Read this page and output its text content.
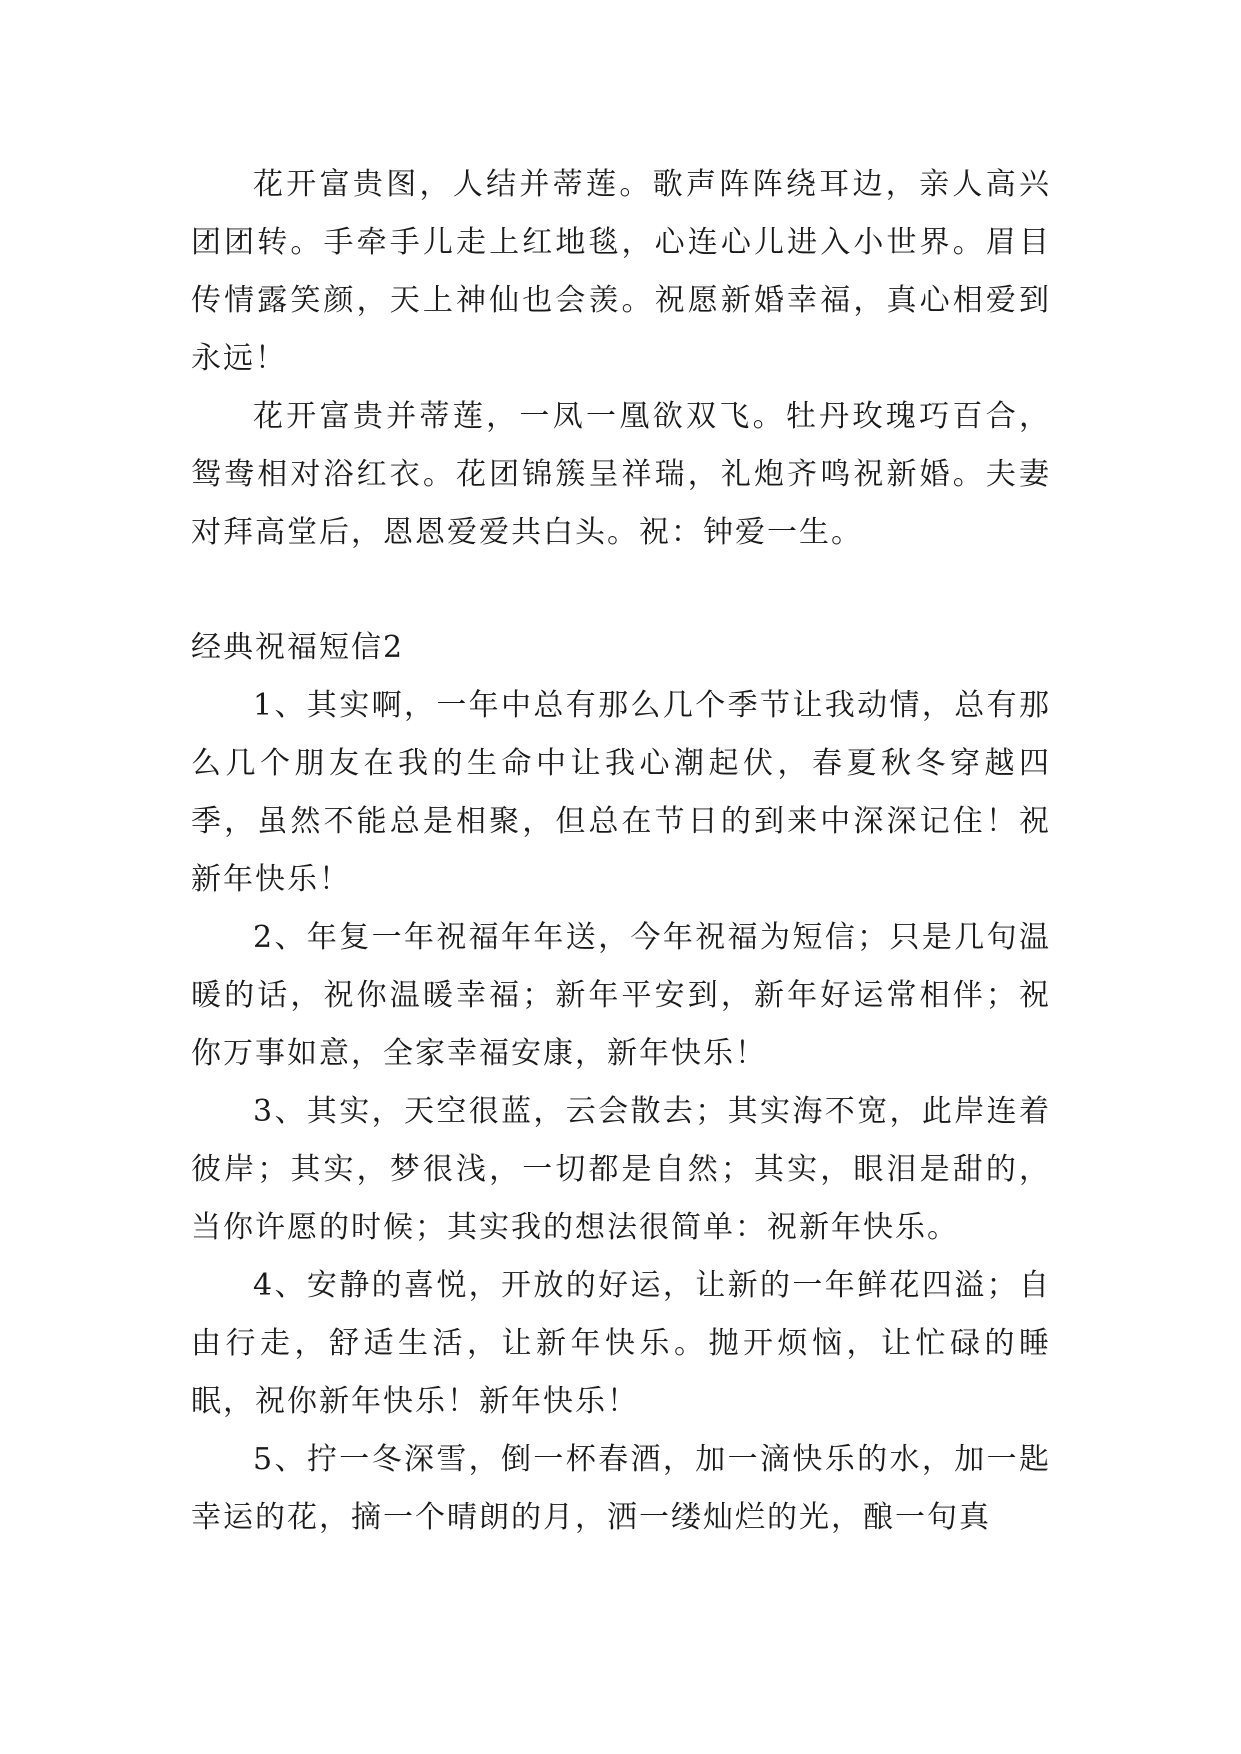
花开富贵图，人结并蒂莲。歌声阵阵绕耳边，亲人高兴团团转。手牵手儿走上红地毯，心连心儿进入小世界。眉目传情露笑颜，天上神仙也会羡。祝愿新婚幸福，真心相爱到永远！

花开富贵并蒂莲，一凤一凰欲双飞。牡丹玫瑰巧百合，鸳鸯相对浴红衣。花团锦簇呈祥瑞，礼炮齐鸣祝新婚。夫妻对拜高堂后，恩恩爱爱共白头。祝：钟爱一生。

经典祝福短信2

1、其实啊，一年中总有那么几个季节让我动情，总有那么几个朋友在我的生命中让我心潮起伏，春夏秋冬穿越四季，虽然不能总是相聚，但总在节日的到来中深深记住！祝新年快乐！

2、年复一年祝福年年送，今年祝福为短信；只是几句温暖的话，祝你温暖幸福；新年平安到，新年好运常相伴；祝你万事如意，全家幸福安康，新年快乐！

3、其实，天空很蓝，云会散去；其实海不宽，此岸连着彼岸；其实，梦很浅，一切都是自然；其实，眼泪是甜的，当你许愿的时候；其实我的想法很简单：祝新年快乐。

4、安静的喜悦，开放的好运，让新的一年鲜花四溢；自由行走，舒适生活，让新年快乐。抛开烦恼，让忙碌的睡眠，祝你新年快乐！新年快乐！

5、拧一冬深雪，倒一杯春酒，加一滴快乐的水，加一匙幸运的花，摘一个晴朗的月，洒一缕灿烂的光，酿一句真
